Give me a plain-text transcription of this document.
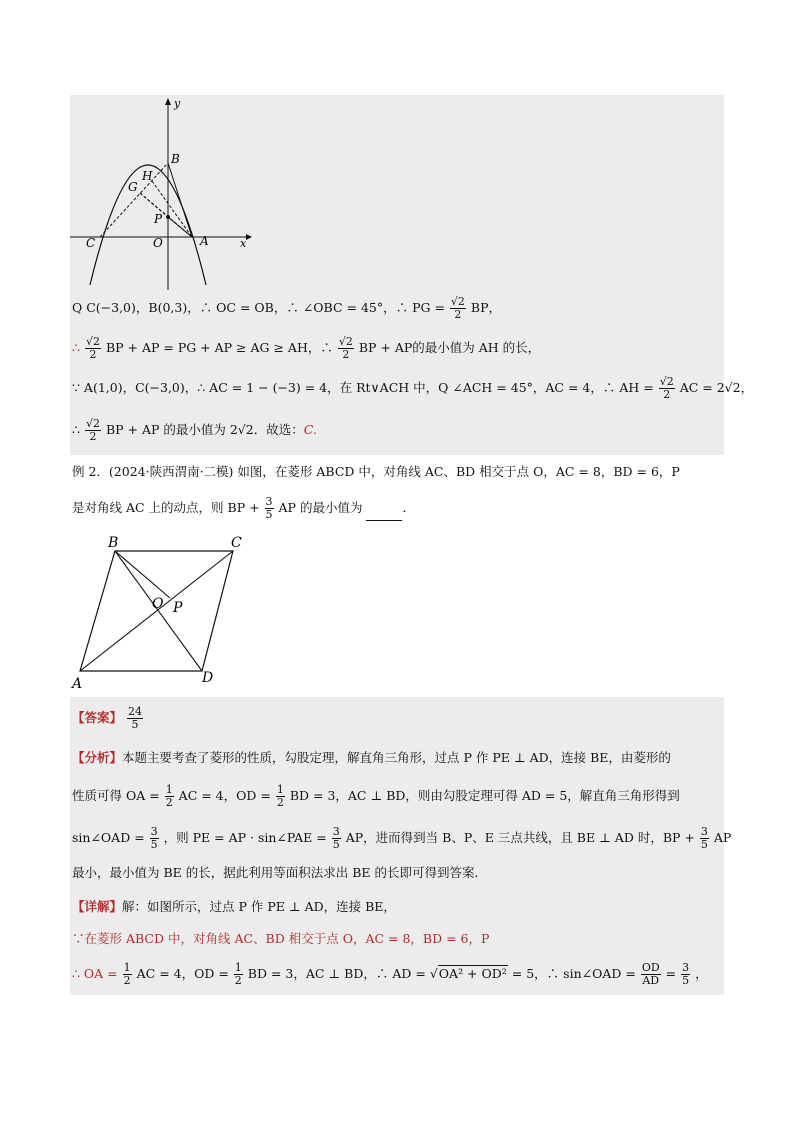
x
y
B
H
G
P
C	O	A
Q C(−3,0)，B(0,3)，∴ OC = OB，∴ ∠OBC = 45°，∴ PG = $\frac{√2}{2}$ BP，
∴ $\frac{√2}{2}$ BP + AP = PG + AP ≥ AG ≥ AH，∴ $\frac{√2}{2}$ BP + AP的最小值为 AH 的长，
∵ A(1,0)，C(−3,0)，∴ AC = 1 − (−3) = 4，在 Rt∨ACH 中，Q ∠ACH = 45°，AC = 4，∴ AH = $\frac{√2}{2}$ AC = 2√2，
∴ $\frac{√2}{2}$ BP + AP 的最小值为 2√2．故选：C.
例 2．(2024·陕西渭南·二模) 如图，在菱形 ABCD 中，对角线 AC、BD 相交于点 O，AC = 8，BD = 6，P
是对角线 AC 上的动点，则 BP + $\frac{3}{5}$ AP 的最小值为	．
B	C
O P
A	D
【答案】 $\frac{24}{5}$
【分析】本题主要考查了菱形的性质，勾股定理，解直角三角形，过点 P 作 PE ⊥ AD，连接 BE，由菱形的
性质可得 OA = $\frac{1}{2}$ AC = 4，OD = $\frac{1}{2}$ BD = 3，AC ⊥ BD，则由勾股定理可得 AD = 5，解直角三角形得到
sin∠OAD = $\frac{3}{5}$ ，则 PE = AP · sin∠PAE = $\frac{3}{5}$ AP，进而得到当 B、P、E 三点共线，且 BE ⊥ AD 时，BP + $\frac{3}{5}$ AP
最小，最小值为 BE 的长，据此利用等面积法求出 BE 的长即可得到答案．
【详解】解：如图所示，过点 P 作 PE ⊥ AD，连接 BE，
∵在菱形 ABCD 中，对角线 AC、BD 相交于点 O，AC = 8，BD = 6，P
∴ OA = $\frac{1}{2}$ AC = 4，OD = $\frac{1}{2}$ BD = 3，AC ⊥ BD，∴ AD = √OA² + OD² = 5，∴ sin∠OAD = $\frac{OD}{AD} = \frac{3}{5}$ ，
